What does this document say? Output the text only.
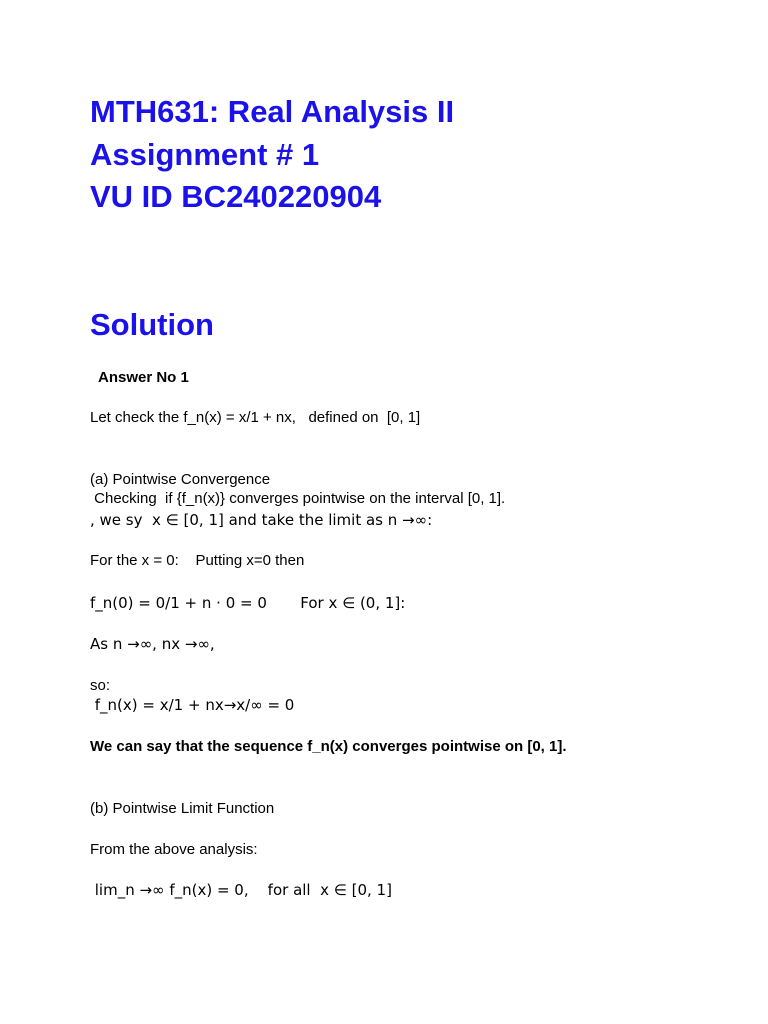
MTH631: Real Analysis II
Assignment # 1
VU ID BC240220904
Solution
Answer No 1
Let check the f_n(x) = x/1 + nx,   defined on  [0, 1]
(a) Pointwise Convergence
Checking  if {f_n(x)} converges pointwise on the interval [0, 1].
, we sy  x ∈ [0, 1] and take the limit as n →∞:
For the x = 0:    Putting x=0 then
f_n(0) = 0/1 + n · 0 = 0       For x ∈ (0, 1]:
As n →∞, nx →∞,
so:
f_n(x) = x/1 + nx→x/∞ = 0
We can say that the sequence f_n(x) converges pointwise on [0, 1].
(b) Pointwise Limit Function
From the above analysis:
lim_n →∞ f_n(x) = 0,    for all  x ∈ [0, 1]
